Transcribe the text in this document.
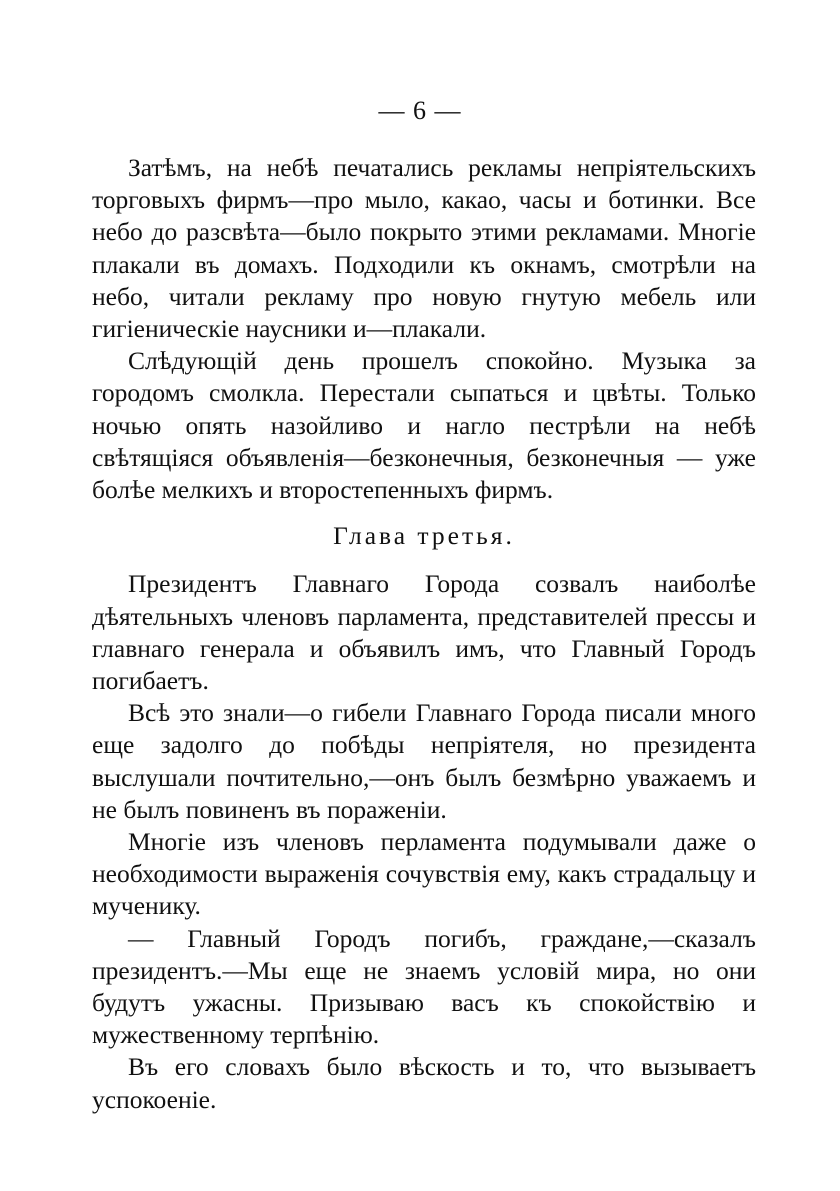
— 6 —

Затѣмъ, на небѣ печатались рекламы непріятельскихъ торговыхъ фирмъ—про мыло, какао, часы и ботинки. Все небо до разсвѣта—было покрыто этими рекламами. Многіе плакали въ домахъ. Подходили къ окнамъ, смотрѣли на небо, читали рекламу про новую гнутую мебель или гигіеническіе наусники и—плакали.

Слѣдующій день прошелъ спокойно. Музыка за городомъ смолкла. Перестали сыпаться и цвѣты. Только ночью опять назойливо и нагло пестрѣли на небѣ свѣтящіяся объявленія—безконечныя, безконечныя — уже болѣе мелкихъ и второстепенныхъ фирмъ.

Глава третья.

Президентъ Главнаго Города созвалъ наиболѣе дѣятельныхъ членовъ парламента, представителей прессы и главнаго генерала и объявилъ имъ, что Главный Городъ погибаетъ.

Всѣ это знали—о гибели Главнаго Города писали много еще задолго до побѣды непріятеля, но президента выслушали почтительно,—онъ былъ безмѣрно уважаемъ и не былъ повиненъ въ пораженіи.

Многіе изъ членовъ перламента подумывали даже о необходимости выраженія сочувствія ему, какъ страдальцу и мученику.

— Главный Городъ погибъ, граждане,—сказалъ президентъ.—Мы еще не знаемъ условій мира, но они будутъ ужасны. Призываю васъ къ спокойствію и мужественному терпѣнію.

Въ его словахъ было вѣскость и то, что вызываетъ успокоеніе.
